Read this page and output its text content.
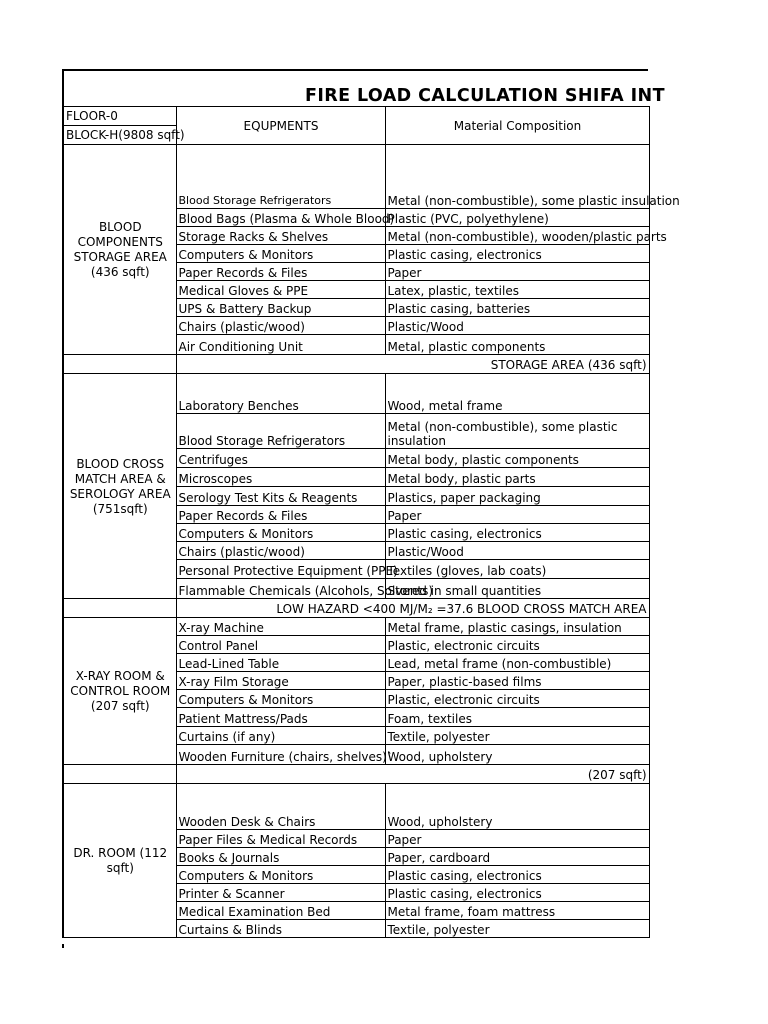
FIRE LOAD CALCULATION SHIFA INT
FLOOR-0	EQUPMENTS	Material Composition
BLOCK-H(9808 sqft)		
BLOOD COMPONENTS STORAGE AREA (436 sqft)	Blood Storage Refrigerators	Metal (non-combustible), some plastic insulation
	Blood Bags (Plasma & Whole Blood)	Plastic (PVC, polyethylene)
	Storage Racks & Shelves	Metal (non-combustible), wooden/plastic parts
	Computers & Monitors	Plastic casing, electronics
	Paper Records & Files	Paper
	Medical Gloves & PPE	Latex, plastic, textiles
	UPS & Battery Backup	Plastic casing, batteries
	Chairs (plastic/wood)	Plastic/Wood
	Air Conditioning Unit	Metal, plastic components
	STORAGE AREA (436 sqft)	
BLOOD CROSS MATCH AREA & SEROLOGY AREA (751sqft)	Laboratory Benches	Wood, metal frame
	Blood Storage Refrigerators	Metal (non-combustible), some plastic insulation
	Centrifuges	Metal body, plastic components
	Microscopes	Metal body, plastic parts
	Serology Test Kits & Reagents	Plastics, paper packaging
	Paper Records & Files	Paper
	Computers & Monitors	Plastic casing, electronics
	Chairs (plastic/wood)	Plastic/Wood
	Personal Protective Equipment (PPE)	Textiles (gloves, lab coats)
	Flammable Chemicals (Alcohols, Solvents)	Stored in small quantities
	LOW HAZARD <400 MJ/M₂ =37.6 BLOOD CROSS MATCH AREA	
X-RAY ROOM & CONTROL ROOM (207 sqft)	X-ray Machine	Metal frame, plastic casings, insulation
	Control Panel	Plastic, electronic circuits
	Lead-Lined Table	Lead, metal frame (non-combustible)
	X-ray Film Storage	Paper, plastic-based films
	Computers & Monitors	Plastic, electronic circuits
	Patient Mattress/Pads	Foam, textiles
	Curtains (if any)	Textile, polyester
	Wooden Furniture (chairs, shelves)`	Wood, upholstery
	(207 sqft)	
DR. ROOM (112 sqft)	Wooden Desk & Chairs	Wood, upholstery
	Paper Files & Medical Records	Paper
	Books & Journals	Paper, cardboard
	Computers & Monitors	Plastic casing, electronics
	Printer & Scanner	Plastic casing, electronics
	Medical Examination Bed	Metal frame, foam mattress
	Curtains & Blinds	Textile, polyester
